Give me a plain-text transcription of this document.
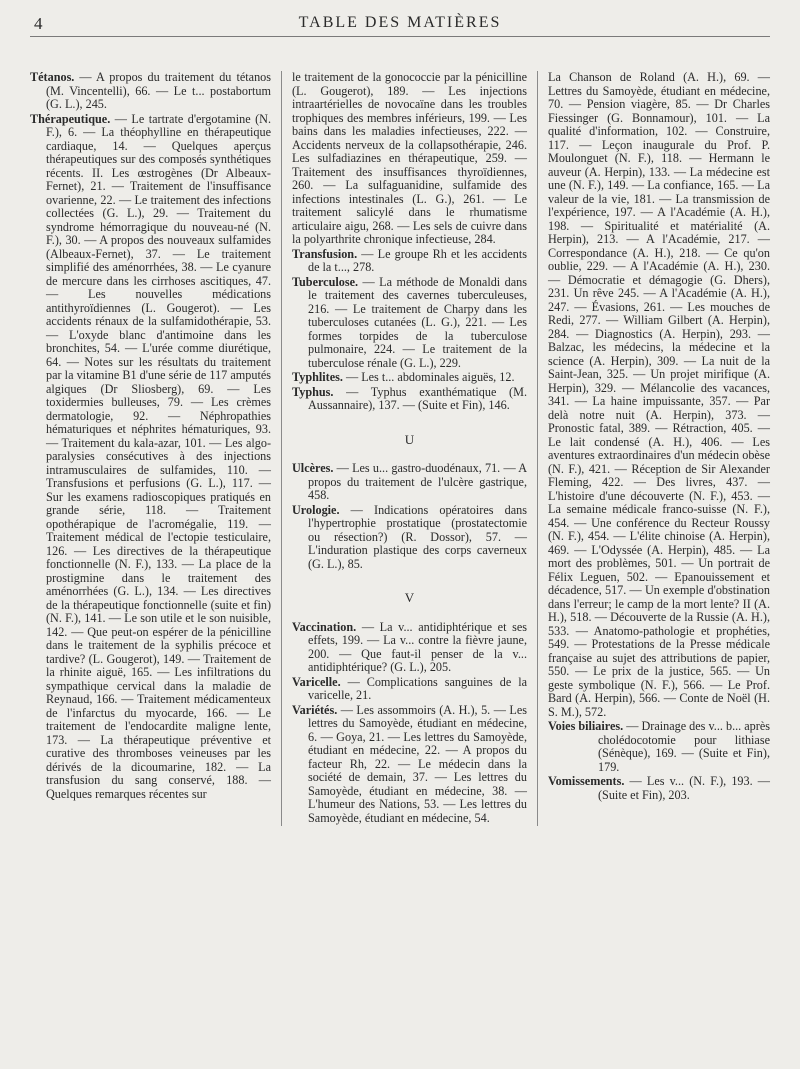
4	TABLE DES MATIÈRES

Tétanos. — A propos du traitement du tétanos (M. Vincentelli), 66. — Le t... postabortum (G. L.), 245.

Thérapeutique. — Le tartrate d'ergotamine (N. F.), 6. — La théophylline en thérapeutique cardiaque, 14. — Quelques aperçus thérapeutiques sur des composés synthétiques récents. II. Les œstrogènes (Dr Albeaux-Fernet), 21. — Traitement de l'insuffisance ovarienne, 22. — Le traitement des infections collectées (G. L.), 29. — Traitement du syndrome hémorragique du nouveau-né (N. F.), 30. — A propos des nouveaux sulfamides (Albeaux-Fernet), 37. — Le traitement simplifié des aménorrhées, 38. — Le cyanure de mercure dans les cirrhoses ascitiques, 47. — Les nouvelles médications antithyroïdiennes (L. Gougerot). — Les accidents rénaux de la sulfamidothérapie, 53. — L'oxyde blanc d'antimoine dans les bronchites, 54. — L'urée comme diurétique, 64. — Notes sur les résultats du traitement par la vitamine B1 d'une série de 117 amputés algiques (Dr Sliosberg), 69. — Les toxidermies bulleuses, 79. — Les crèmes dermatologie, 92. — Néphropathies hématuriques et néphrites hématuriques, 93. — Traitement du kala-azar, 101. — Les algo-paralysies consécutives à des injections intramusculaires de sulfamides, 110. — Transfusions et perfusions (G. L.), 117. — Sur les examens radioscopiques pratiqués en grande série, 118. — Traitement opothérapique de l'acromégalie, 119. — Traitement médical de l'ectopie testiculaire, 126. — Les directives de la thérapeutique fonctionnelle (N. F.), 133. — La place de la prostigmine dans le traitement des aménorrhées (G. L.), 134. — Les directives de la thérapeutique fonctionnelle (suite et fin) (N. F.), 141. — Le son utile et le son nuisible, 142. — Que peut-on espérer de la pénicilline dans le traitement de la syphilis précoce et tardive? (L. Gougerot), 149. — Traitement de la rhinite aiguë, 165. — Les infiltrations du sympathique cervical dans la maladie de Reynaud, 166. — Traitement médicamenteux de l'infarctus du myocarde, 166. — Le traitement de l'endocardite maligne lente, 173. — La thérapeutique préventive et curative des thromboses veineuses par les dérivés de la dicoumarine, 182. — La transfusion du sang conservé, 188. — Quelques remarques récentes sur

le traitement de la gonococcie par la pénicilline (L. Gougerot), 189. — Les injections intraartérielles de novocaïne dans les troubles trophiques des membres inférieurs, 199. — Les bains dans les maladies infectieuses, 222. — Accidents nerveux de la collapsothérapie, 246. Les sulfadiazines en thérapeutique, 259. — Traitement des insuffisances thyroïdiennes, 260. — La sulfaguanidine, sulfamide des infections intestinales (L. G.), 261. — Le traitement salicylé dans le rhumatisme articulaire aigu, 268. — Les sels de cuivre dans la polyarthrite chronique infectieuse, 284.

Transfusion. — Le groupe Rh et les accidents de la t..., 278.

Tuberculose. — La méthode de Monaldi dans le traitement des cavernes tuberculeuses, 216. — Le traitement de Charpy dans les tuberculoses cutanées (L. G.), 221. — Les formes torpides de la tuberculose pulmonaire, 224. — Le traitement de la tuberculose rénale (G. L.), 229.

Typhlites. — Les t... abdominales aiguës, 12.

Typhus. — Typhus exanthématique (M. Aussannaire), 137. — (Suite et Fin), 146.

U

Ulcères. — Les u... gastro-duodénaux, 71. — A propos du traitement de l'ulcère gastrique, 458.

Urologie. — Indications opératoires dans l'hypertrophie prostatique (prostatectomie ou résection?) (R. Dossor), 57. — L'induration plastique des corps caverneux (G. L.), 85.

V

Vaccination. — La v... antidiphtérique et ses effets, 199. — La v... contre la fièvre jaune, 200. — Que faut-il penser de la v... antidiphtérique? (G. L.), 205.

Varicelle. — Complications sanguines de la varicelle, 21.

Variétés. — Les assommoirs (A. H.), 5. — Les lettres du Samoyède, étudiant en médecine, 6. — Goya, 21. — Les lettres du Samoyède, étudiant en médecine, 22. — A propos du facteur Rh, 22. — Le médecin dans la société de demain, 37. — Les lettres du Samoyède, étudiant en médecine, 38. — L'humeur des Nations, 53. — Les lettres du Samoyède, étudiant en médecine, 54.

La Chanson de Roland (A. H.), 69. — Lettres du Samoyède, étudiant en médecine, 70. — Pension viagère, 85. — Dr Charles Fiessinger (G. Bonnamour), 101. — La qualité d'information, 102. — Construire, 117. — Leçon inaugurale du Prof. P. Moulonguet (N. F.), 118. — Hermann le auveur (A. Herpin), 133. — La médecine est une (N. F.), 149. — La confiance, 165. — La valeur de la vie, 181. — La transmission de l'expérience, 197. — A l'Académie (A. H.), 198. — Spiritualité et matérialité (A. Herpin), 213. — A l'Académie, 217. — Correspondance (A. H.), 218. — Ce qu'on oublie, 229. — A l'Académie (A. H.), 230. — Démocratie et démagogie (G. Dhers), 231. Un rêve 245. — A l'Académie (A. H.), 247. — Évasions, 261. — Les mouches de Redi, 277. — William Gilbert (A. Herpin), 284. — Diagnostics (A. Herpin), 293. — Balzac, les médecins, la médecine et la science (A. Herpin), 309. — La nuit de la Saint-Jean, 325. — Un projet mirifique (A. Herpin), 329. — Mélancolie des vacances, 341. — La haine impuissante, 357. — Par delà notre nuit (A. Herpin), 373. — Pronostic fatal, 389. — Rétraction, 405. — Le lait condensé (A. H.), 406. — Les aventures extraordinaires d'un médecin obèse (N. F.), 421. — Réception de Sir Alexander Fleming, 422. — Des livres, 437. — L'histoire d'une découverte (N. F.), 453. — La semaine médicale franco-suisse (N. F.), 454. — Une conférence du Recteur Roussy (N. F.), 454. — L'élite chinoise (A. Herpin), 469. — L'Odyssée (A. Herpin), 485. — La mort des problèmes, 501. — Un portrait de Félix Leguen, 502. — Epanouissement et décadence, 517. — Un exemple d'obstination dans l'erreur; le camp de la mort lente? II (A. H.), 518. — Découverte de la Russie (A. H.), 533. — Anatomo-pathologie et prophéties, 549. — Protestations de la Presse médicale française au sujet des attributions de papier, 550. — Le prix de la justice, 565. — Un geste symbolique (N. F.), 566. — Le Prof. Bard (A. Herpin), 566. — Conte de Noël (H. S. M.), 572.

Voies biliaires. — Drainage des v... b... après cholédocotomie pour lithiase (Sénèque), 169. — (Suite et Fin), 179.

Vomissements. — Les v... (N. F.), 193. — (Suite et Fin), 203.
